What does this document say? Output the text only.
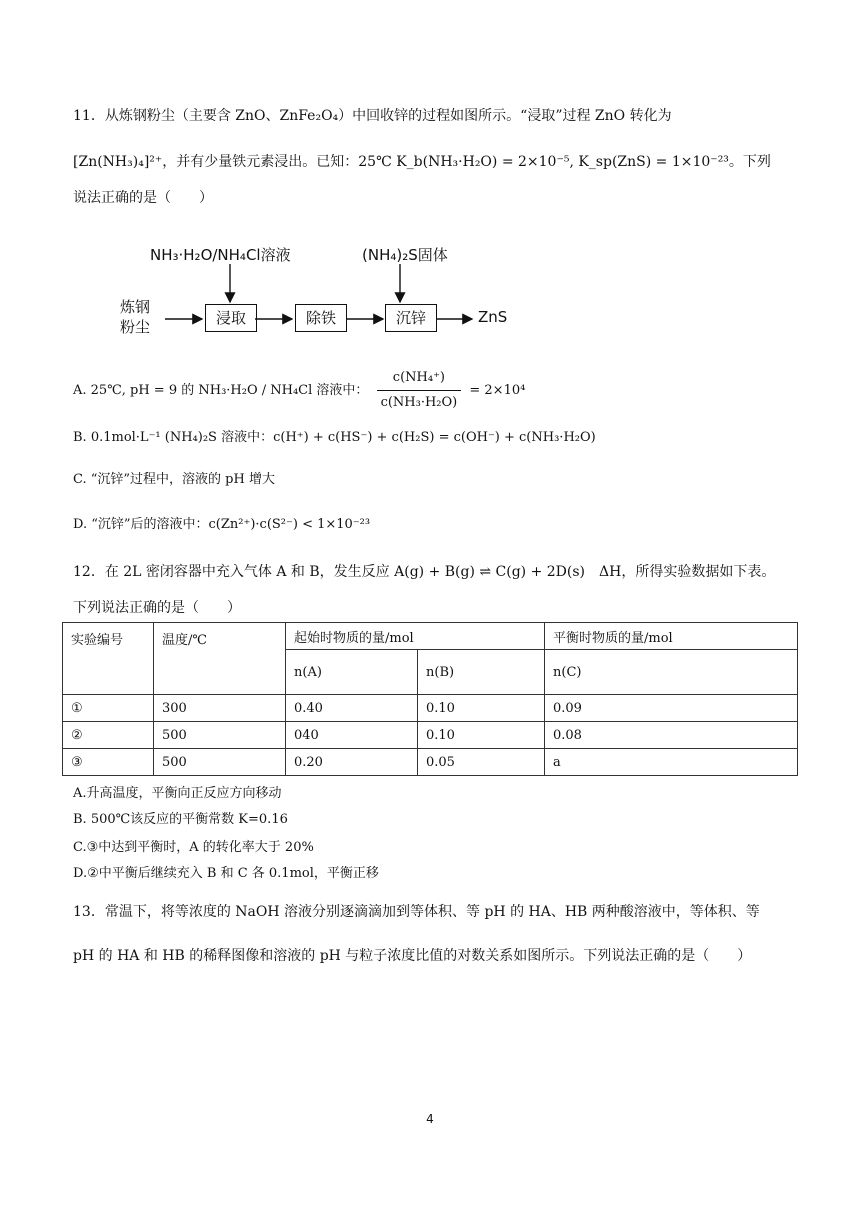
11．从炼钢粉尘（主要含 ZnO、ZnFe₂O₄）中回收锌的过程如图所示。“浸取”过程 ZnO 转化为
[Zn(NH₃)₄]²⁺，并有少量铁元素浸出。已知：25℃ K_b(NH₃·H₂O) = 2×10⁻⁵, K_sp(ZnS) = 1×10⁻²³。下列
说法正确的是（　　）
NH₃·H₂O/NH₄Cl溶液	(NH₄)₂S固体
炼钢
粉尘	浸取	除铁	沉锌	ZnS
A. 25℃, pH = 9 的 NH₃·H₂O / NH₄Cl 溶液中： $\frac{\text{c(NH₄⁺)}}{\text{c(NH₃·H₂O)}} = 2\times 10^4$
B. 0.1mol·L⁻¹ (NH₄)₂S 溶液中：c(H⁺) + c(HS⁻) + c(H₂S) = c(OH⁻) + c(NH₃·H₂O)
C. “沉锌”过程中，溶液的 pH 增大
D. “沉锌”后的溶液中：c(Zn²⁺)·c(S²⁻) < 1×10⁻²³
12．在 2L 密闭容器中充入气体 A 和 B，发生反应 A(g) + B(g) ⇌ C(g) + 2D(s)　ΔH，所得实验数据如下表。
下列说法正确的是（　　）
实验编号	温度/℃	起始时物质的量/mol		平衡时物质的量/mol
		n(A)	n(B)	n(C)
①	300	0.40	0.10	0.09
②	500	040	0.10	0.08
③	500	0.20	0.05	a
A.升高温度，平衡向正反应方向移动
B. 500℃该反应的平衡常数 K=0.16
C.③中达到平衡时，A 的转化率大于 20%
D.②中平衡后继续充入 B 和 C 各 0.1mol，平衡正移
13．常温下，将等浓度的 NaOH 溶液分别逐滴滴加到等体积、等 pH 的 HA、HB 两种酸溶液中，等体积、等
pH 的 HA 和 HB 的稀释图像和溶液的 pH 与粒子浓度比值的对数关系如图所示。下列说法正确的是（　　）
4
